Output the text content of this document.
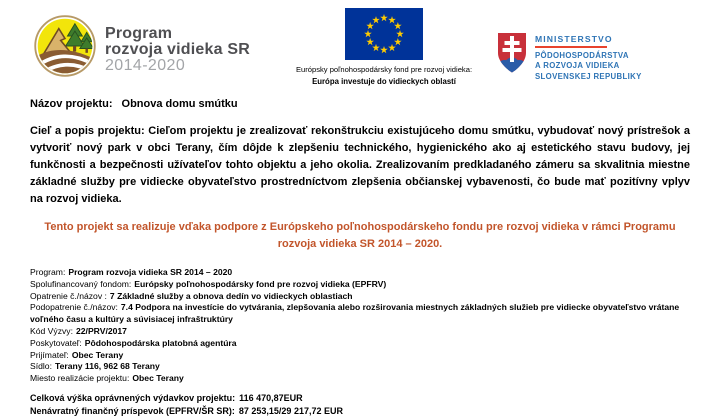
Program
rozvoja vidieka SR
2014-2020	Európsky poľnohospodársky fond pre rozvoj vidieka:
Európa investuje do vidieckych oblastí
MINISTERSTVO
PÔDOHOSPODÁRSTVA
A ROZVOJA VIDIEKA
SLOVENSKEJ REPUBLIKY
Názov projektu: Obnova domu smútku

Cieľ a popis projektu: Cieľom projektu je zrealizovať rekonštrukciu existujúceho domu smútku, vybudovať nový prístrešok a vytvoriť nový park v obci Terany, čím dôjde k zlepšeniu technického, hygienického ako aj estetického stavu budovy, jej funkčnosti a bezpečnosti užívateľov tohto objektu a jeho okolia. Zrealizovaním predkladaného zámeru sa skvalitnia miestne základné služby pre vidiecke obyvateľstvo prostredníctvom zlepšenia občianskej vybavenosti, čo bude mať pozitívny vplyv na rozvoj vidieka.

Tento projekt sa realizuje vďaka podpore z Európskeho poľnohospodárskeho fondu pre rozvoj vidieka v rámci Programu rozvoja vidieka SR 2014 – 2020.

Program: Program rozvoja vidieka SR 2014 – 2020
Spolufinancovaný fondom: Európsky poľnohospodársky fond pre rozvoj vidieka (EPFRV)
Opatrenie č./názov : 7 Základné služby a obnova dedín vo vidieckych oblastiach
Podopatrenie č./názov: 7.4 Podpora na investície do vytvárania, zlepšovania alebo rozširovania miestnych základných služieb pre vidiecke obyvateľstvo vrátane voľného času a kultúry a súvisiacej infraštruktúry
Kód Výzvy: 22/PRV/2017
Poskytovateľ: Pôdohospodárska platobná agentúra
Prijímateľ: Obec Terany
Sídlo: Terany 116, 962 68 Terany
Miesto realizácie projektu: Obec Terany
Celková výška oprávnených výdavkov projektu: 116 470,87EUR
Nenávratný finančný príspevok (EPFRV/ŠR SR): 87 253,15/29 217,72 EUR
